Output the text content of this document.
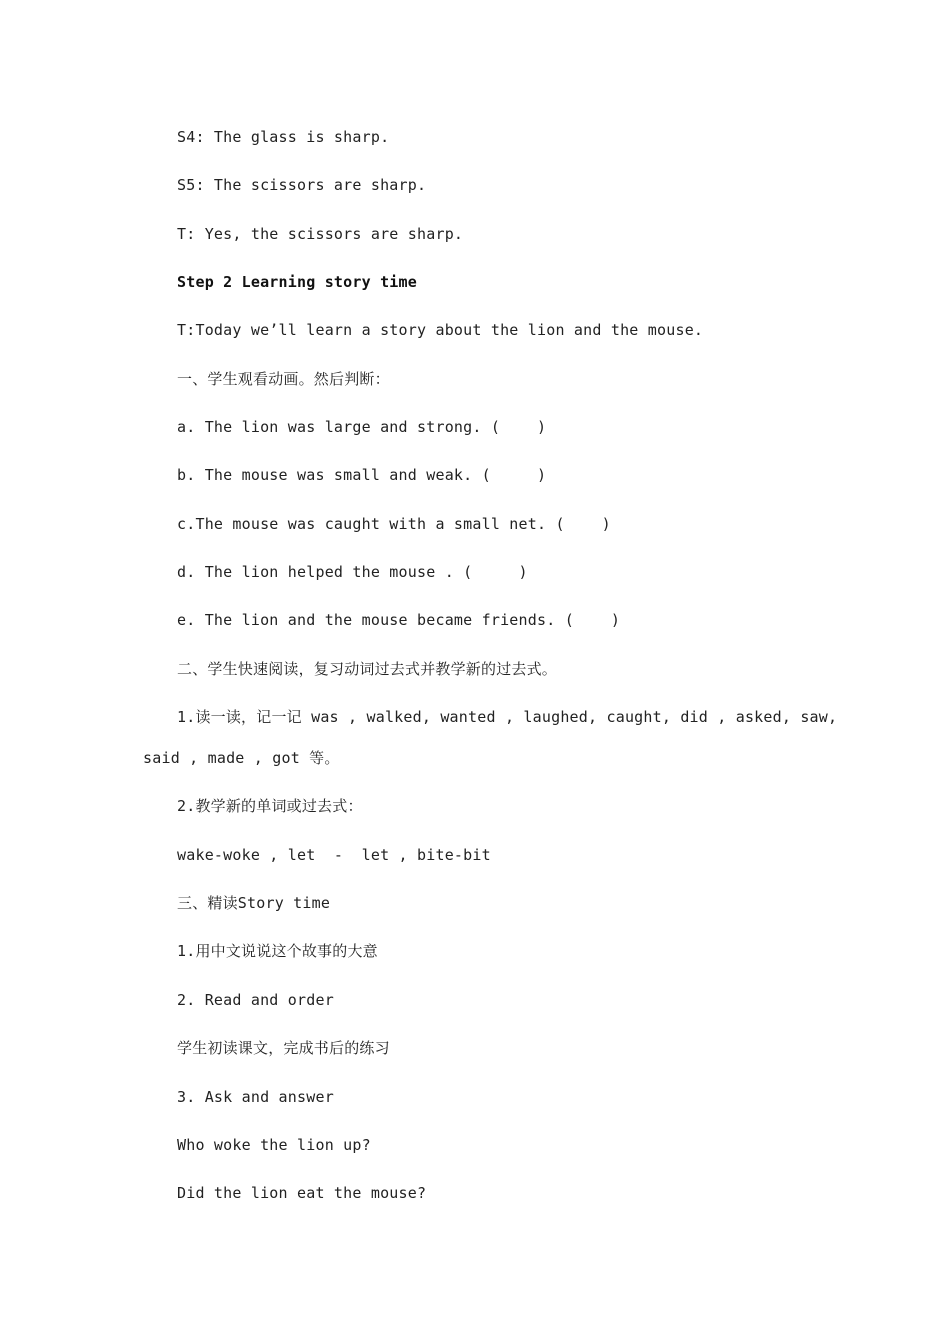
S4: The glass is sharp.
S5: The scissors are sharp.
T: Yes, the scissors are sharp.
Step 2 Learning story time
T:Today we’ll learn a story about the lion and the mouse.
一、学生观看动画。然后判断：
a. The lion was large and strong. (    )
b. The mouse was small and weak. (     )
c.The mouse was caught with a small net. (    )
d. The lion helped the mouse . (     )
e. The lion and the mouse became friends. (    )
二、学生快速阅读，复习动词过去式并教学新的过去式。
1.读一读，记一记 was , walked, wanted , laughed, caught, did , asked, saw,
said , made , got 等。
2.教学新的单词或过去式：
wake-woke , let  -  let , bite-bit
三、精读Story time
1.用中文说说这个故事的大意
2. Read and order
学生初读课文，完成书后的练习
3. Ask and answer
Who woke the lion up?
Did the lion eat the mouse?
